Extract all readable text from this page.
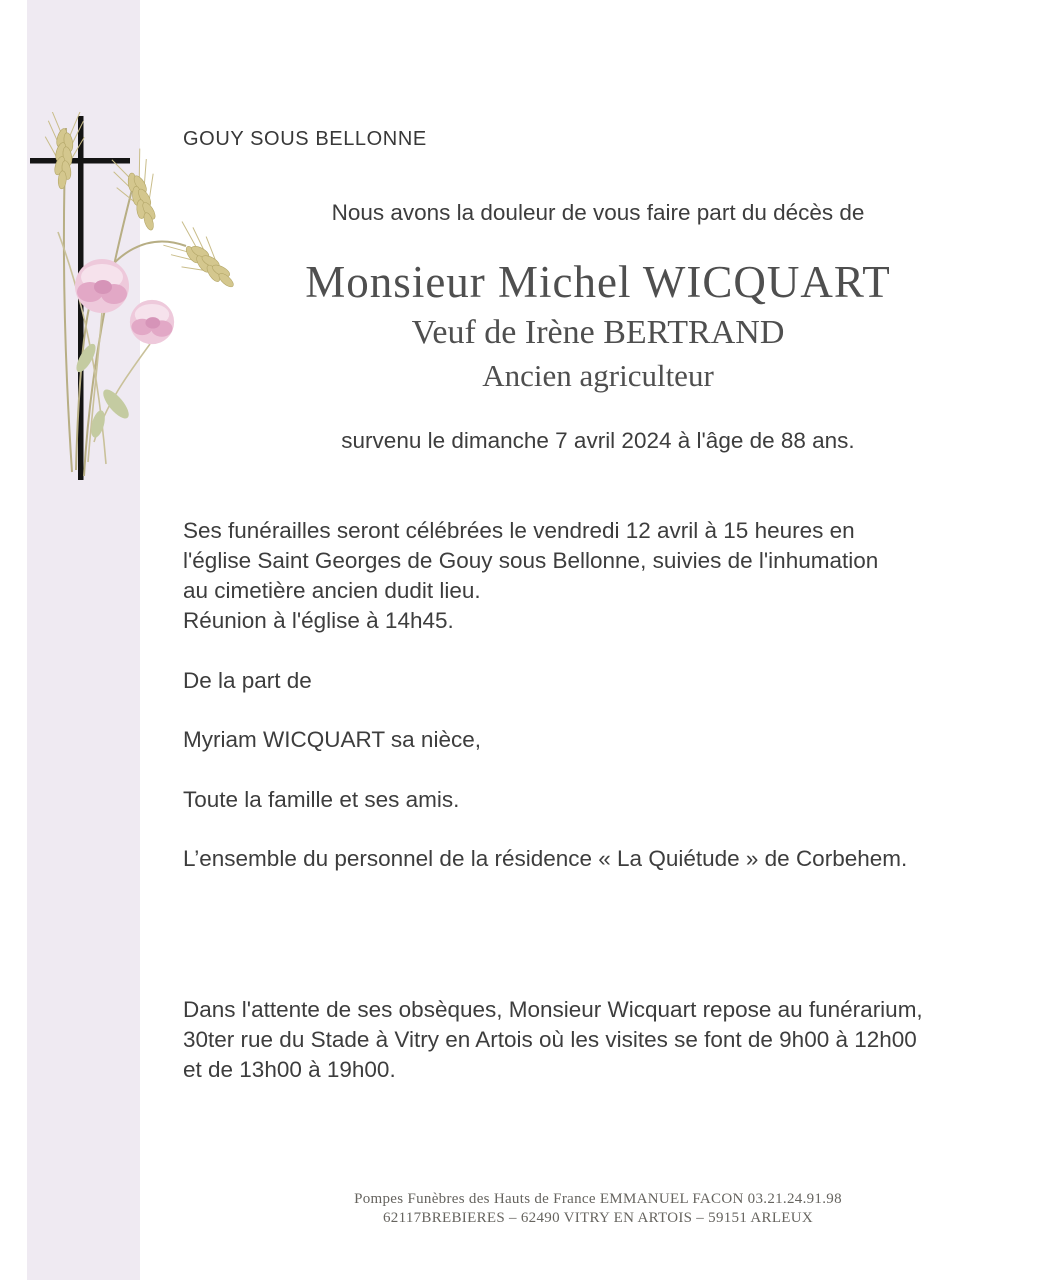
GOUY SOUS BELLONNE
Nous avons la douleur de vous faire part du décès de
Monsieur Michel WICQUART
Veuf de Irène BERTRAND
Ancien agriculteur
survenu le dimanche 7 avril 2024 à l'âge de 88 ans.
Ses funérailles seront célébrées le vendredi 12 avril à 15 heures en
l'église Saint Georges de Gouy sous Bellonne, suivies de l'inhumation
au cimetière ancien dudit lieu.
Réunion à l'église à 14h45.
De la part de
Myriam WICQUART sa nièce,
Toute la famille et ses amis.
L’ensemble du personnel de la résidence « La Quiétude » de Corbehem.
Dans l'attente de ses obsèques, Monsieur Wicquart repose au funérarium,
30ter rue du Stade à Vitry en Artois où les visites se font de 9h00 à 12h00
et de 13h00 à 19h00.
Pompes Funèbres des Hauts de France EMMANUEL FACON 03.21.24.91.98
62117BREBIERES – 62490 VITRY EN ARTOIS – 59151 ARLEUX
